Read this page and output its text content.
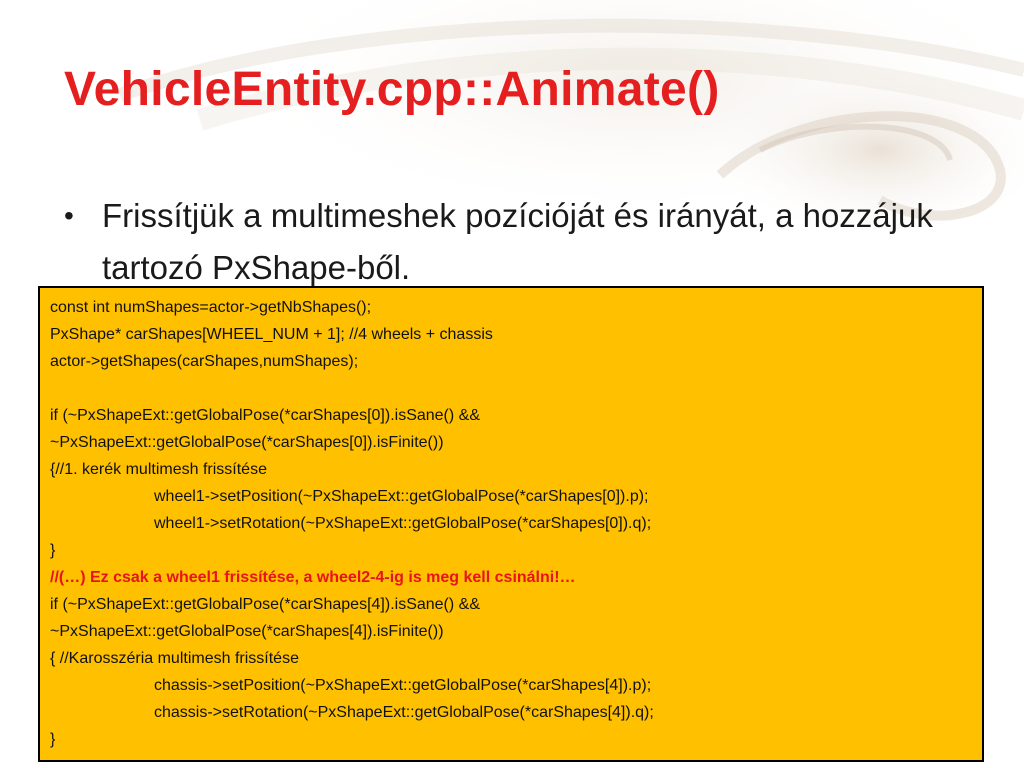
VehicleEntity.cpp::Animate()
• Frissítjük a multimeshek pozícióját és irányát, a hozzájuk tartozó PxShape-ből.
const int numShapes=actor->getNbShapes();
PxShape* carShapes[WHEEL_NUM + 1]; //4 wheels + chassis
actor->getShapes(carShapes,numShapes);
if (~PxShapeExt::getGlobalPose(*carShapes[0]).isSane() &&
~PxShapeExt::getGlobalPose(*carShapes[0]).isFinite())
{//1. kerék multimesh frissítése
wheel1->setPosition(~PxShapeExt::getGlobalPose(*carShapes[0]).p);
wheel1->setRotation(~PxShapeExt::getGlobalPose(*carShapes[0]).q);
}
//(…) Ez csak a wheel1 frissítése, a wheel2-4-ig is meg kell csinálni!…
if (~PxShapeExt::getGlobalPose(*carShapes[4]).isSane() &&
~PxShapeExt::getGlobalPose(*carShapes[4]).isFinite())
{ //Karosszéria multimesh frissítése
chassis->setPosition(~PxShapeExt::getGlobalPose(*carShapes[4]).p);
chassis->setRotation(~PxShapeExt::getGlobalPose(*carShapes[4]).q);
}
